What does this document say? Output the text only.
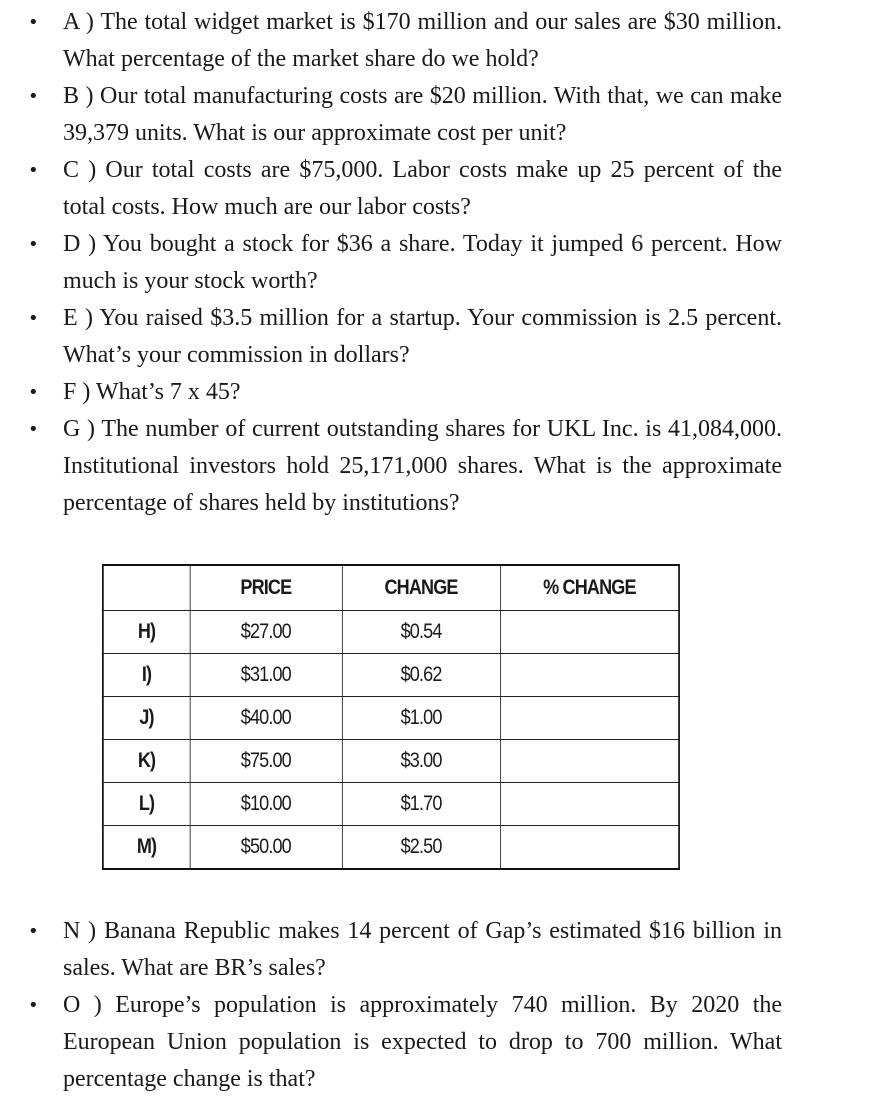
• A ) The total widget market is $170 million and our sales are $30 million. What percentage of the market share do we hold?
• B ) Our total manufacturing costs are $20 million. With that, we can make 39,379 units. What is our approximate cost per unit?
• C ) Our total costs are $75,000. Labor costs make up 25 percent of the total costs. How much are our labor costs?
• D ) You bought a stock for $36 a share. Today it jumped 6 percent. How much is your stock worth?
• E ) You raised $3.5 million for a startup. Your commission is 2.5 percent. What’s your commission in dollars?
• F ) What’s 7 x 45?
• G ) The number of current outstanding shares for UKL Inc. is 41,084,000. Institutional investors hold 25,171,000 shares. What is the approximate percentage of shares held by institutions?
	PRICE	CHANGE	% CHANGE
H)	$27.00	$0.54	
I)	$31.00	$0.62	
J)	$40.00	$1.00	
K)	$75.00	$3.00	
L)	$10.00	$1.70	
M)	$50.00	$2.50	
• N ) Banana Republic makes 14 percent of Gap’s estimated $16 billion in sales. What are BR’s sales?
• O ) Europe’s population is approximately 740 million. By 2020 the European Union population is expected to drop to 700 million. What percentage change is that?
